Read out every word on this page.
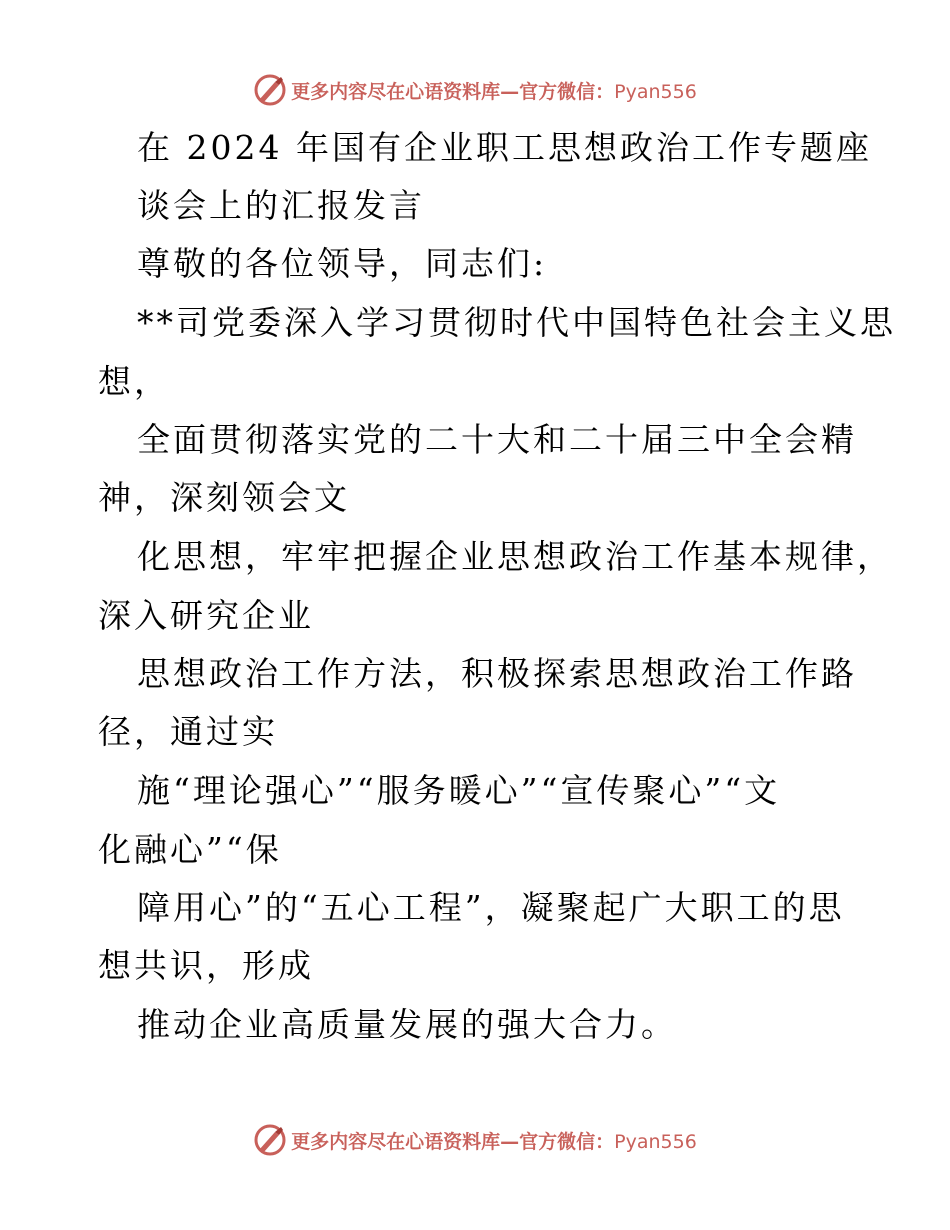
更多内容尽在心语资料库—官方微信：Pyan556
在 2024 年国有企业职工思想政治工作专题座
谈会上的汇报发言
尊敬的各位领导，同志们:
**司党委深入学习贯彻时代中国特色社会主义思
想，
全面贯彻落实党的二十大和二十届三中全会精
神，深刻领会文
化思想，牢牢把握企业思想政治工作基本规律，
深入研究企业
思想政治工作方法，积极探索思想政治工作路
径，通过实
施“理论强心”“服务暖心”“宣传聚心”“文
化融心”“保
障用心”的“五心工程”，凝聚起广大职工的思
想共识，形成
推动企业高质量发展的强大合力。
更多内容尽在心语资料库—官方微信：Pyan556
